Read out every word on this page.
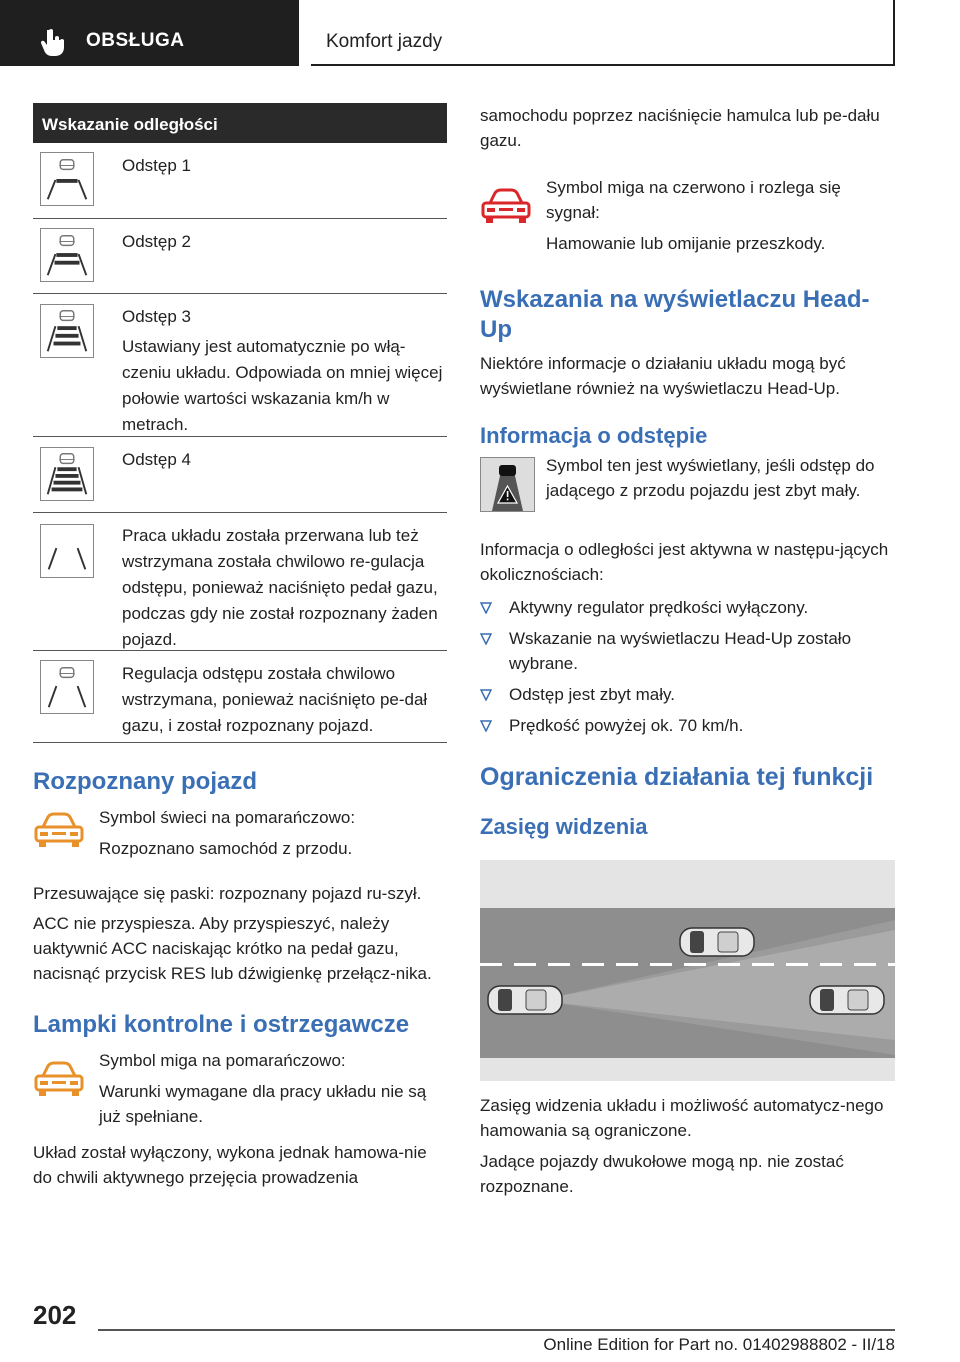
OBSŁUGA	Komfort jazdy
Wskazanie odległości

Odstęp 1

Odstęp 2

Odstęp 3

Ustawiany jest automatycznie po włą-czeniu układu. Odpowiada on mniej więcej połowie wartości wskazania km/h w metrach.

Odstęp 4

Praca układu została przerwana lub też wstrzymana została chwilowo re-gulacja odstępu, ponieważ naciśnięto pedał gazu, podczas gdy nie został rozpoznany żaden pojazd.

Regulacja odstępu została chwilowo wstrzymana, ponieważ naciśnięto pe-dał gazu, i został rozpoznany pojazd.

Rozpoznany pojazd

Symbol świeci na pomarańczowo:

Rozpoznano samochód z przodu.

Przesuwające się paski: rozpoznany pojazd ru-szył.

ACC nie przyspiesza. Aby przyspieszyć, należy uaktywnić ACC naciskając krótko na pedał gazu, nacisnąć przycisk RES lub dźwigienkę przełącz-nika.

Lampki kontrolne i ostrzegawcze

Symbol miga na pomarańczowo:

Warunki wymagane dla pracy układu nie są już spełniane.

Układ został wyłączony, wykona jednak hamowa-nie do chwili aktywnego przejęcia prowadzenia

samochodu poprzez naciśnięcie hamulca lub pe-dału gazu.

Symbol miga na czerwono i rozlega się sygnał:

Hamowanie lub omijanie przeszkody.

Wskazania na wyświetlaczu Head-Up

Niektóre informacje o działaniu układu mogą być wyświetlane również na wyświetlaczu Head-Up.

Informacja o odstępie

Symbol ten jest wyświetlany, jeśli odstęp do jadącego z przodu pojazdu jest zbyt mały.

Informacja o odległości jest aktywna w następu-jących okolicznościach:

Aktywny regulator prędkości wyłączony.
Wskazanie na wyświetlaczu Head-Up zostało wybrane.
Odstęp jest zbyt mały.
Prędkość powyżej ok. 70 km/h.
Ograniczenia działania tej funkcji
Zasięg widzenia

Zasięg widzenia układu i możliwość automatycz-nego hamowania są ograniczone.

Jadące pojazdy dwukołowe mogą np. nie zostać rozpoznane.

202
Online Edition for Part no. 01402988802 - II/18
